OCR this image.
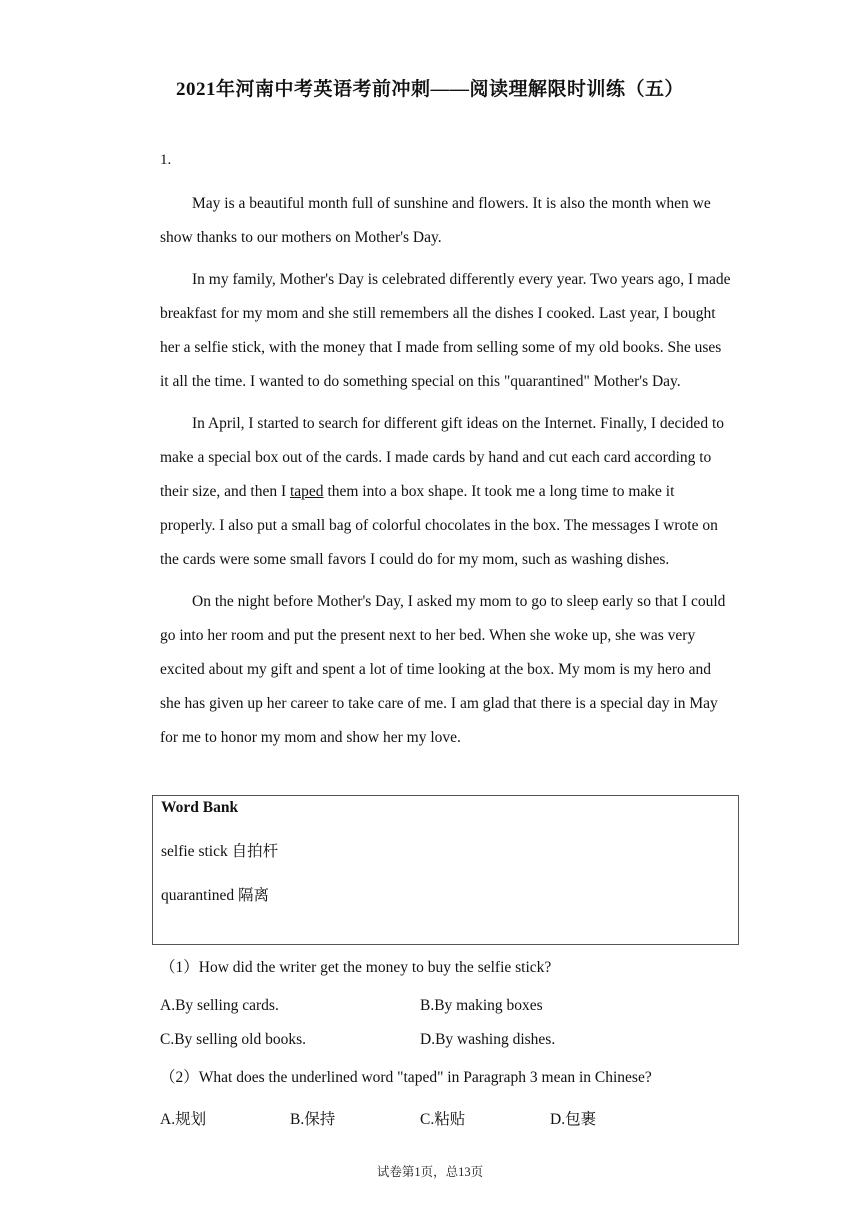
2021年河南中考英语考前冲刺——阅读理解限时训练（五）
1.

May is a beautiful month full of sunshine and flowers. It is also the month when we show thanks to our mothers on Mother's Day.

In my family, Mother's Day is celebrated differently every year. Two years ago, I made breakfast for my mom and she still remembers all the dishes I cooked. Last year, I bought her a selfie stick, with the money that I made from selling some of my old books. She uses it all the time. I wanted to do something special on this "quarantined" Mother's Day.

In April, I started to search for different gift ideas on the Internet. Finally, I decided to make a special box out of the cards. I made cards by hand and cut each card according to their size, and then I taped them into a box shape. It took me a long time to make it properly. I also put a small bag of colorful chocolates in the box. The messages I wrote on the cards were some small favors I could do for my mom, such as washing dishes.

On the night before Mother's Day, I asked my mom to go to sleep early so that I could go into her room and put the present next to her bed. When she woke up, she was very excited about my gift and spent a lot of time looking at the box. My mom is my hero and she has given up her career to take care of me. I am glad that there is a special day in May for me to honor my mom and show her my love.

Word Bank
selfie stick 自拍杆
quarantined 隔离
（1）How did the writer get the money to buy the selfie stick?
A.By selling cards.	B.By making boxes
C.By selling old books.	D.By washing dishes.
（2）What does the underlined word "taped" in Paragraph 3 mean in Chinese?
A.规划	B.保持	C.粘贴	D.包裹
试卷第1页，总13页
